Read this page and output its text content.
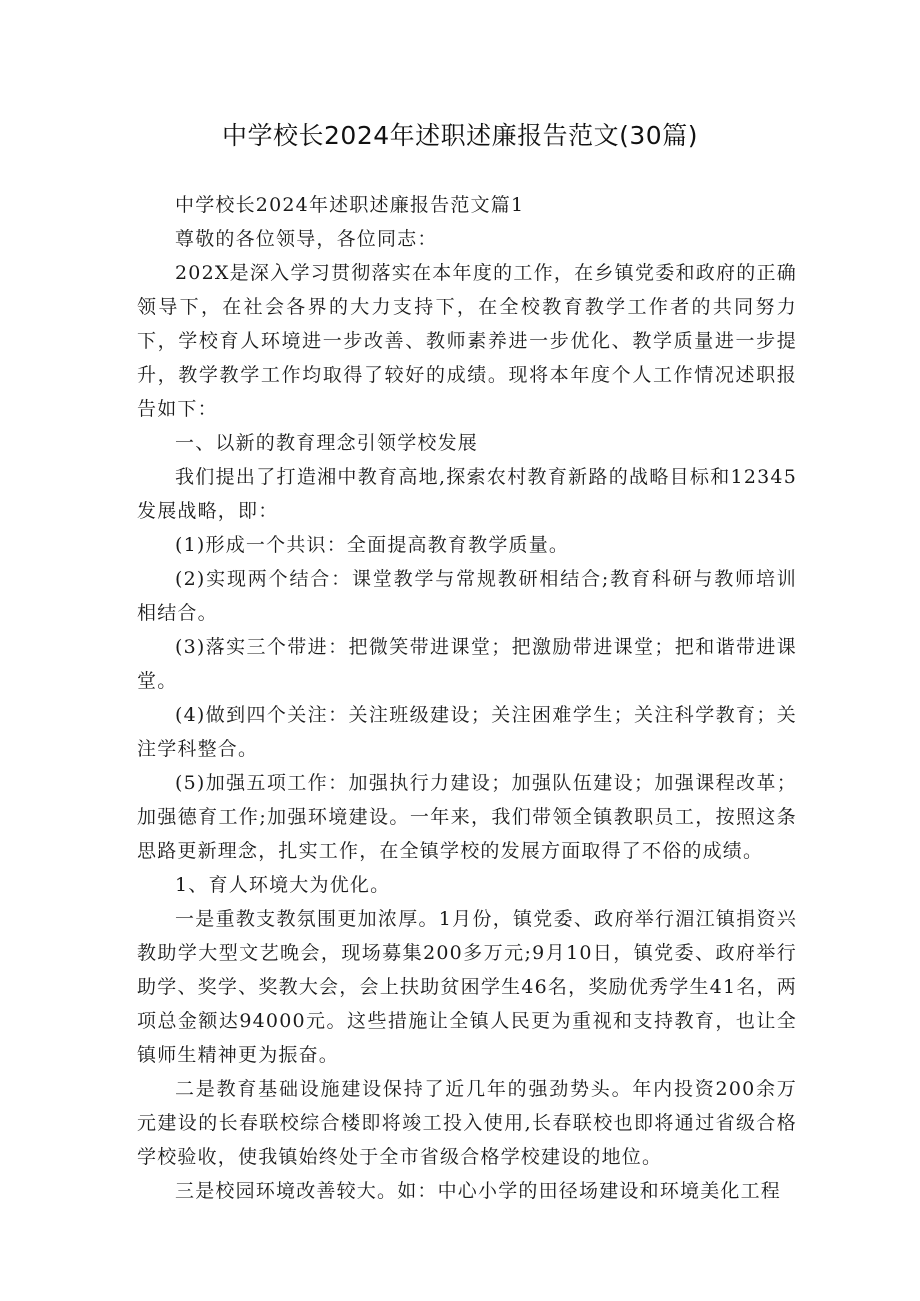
中学校长2024年述职述廉报告范文(30篇)

中学校长2024年述职述廉报告范文篇1

尊敬的各位领导，各位同志：

202X是深入学习贯彻落实在本年度的工作，在乡镇党委和政府的正确领导下，在社会各界的大力支持下，在全校教育教学工作者的共同努力下，学校育人环境进一步改善、教师素养进一步优化、教学质量进一步提升，教学教学工作均取得了较好的成绩。现将本年度个人工作情况述职报告如下：

一、以新的教育理念引领学校发展

我们提出了打造湘中教育高地,探索农村教育新路的战略目标和12345发展战略，即：

(1)形成一个共识：全面提高教育教学质量。

(2)实现两个结合：课堂教学与常规教研相结合;教育科研与教师培训相结合。

(3)落实三个带进：把微笑带进课堂；把激励带进课堂；把和谐带进课堂。

(4)做到四个关注：关注班级建设；关注困难学生；关注科学教育；关注学科整合。

(5)加强五项工作：加强执行力建设；加强队伍建设；加强课程改革；加强德育工作;加强环境建设。一年来，我们带领全镇教职员工，按照这条思路更新理念，扎实工作，在全镇学校的发展方面取得了不俗的成绩。

1、育人环境大为优化。

一是重教支教氛围更加浓厚。1月份，镇党委、政府举行湄江镇捐资兴教助学大型文艺晚会，现场募集200多万元;9月10日，镇党委、政府举行助学、奖学、奖教大会，会上扶助贫困学生46名，奖励优秀学生41名，两项总金额达94000元。这些措施让全镇人民更为重视和支持教育，也让全镇师生精神更为振奋。

二是教育基础设施建设保持了近几年的强劲势头。年内投资200余万元建设的长春联校综合楼即将竣工投入使用,长春联校也即将通过省级合格学校验收，使我镇始终处于全市省级合格学校建设的地位。

三是校园环境改善较大。如：中心小学的田径场建设和环境美化工程
